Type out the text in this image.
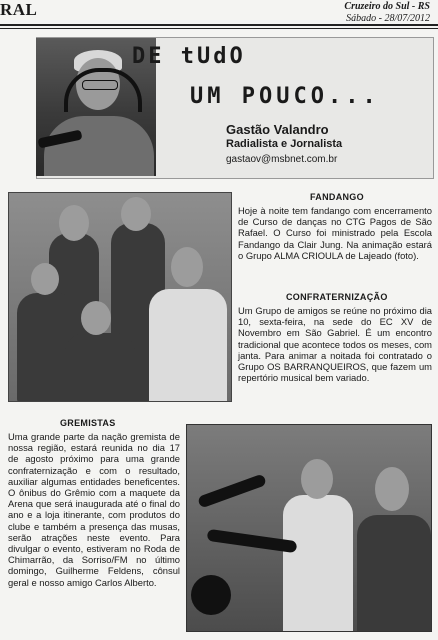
RAL	Cruzeiro do Sul - RS
Sábado - 28/07/2012
DE tUdO
UM POUCO...
Gastão Valandro
Radialista e Jornalista
gastaov@msbnet.com.br
FANDANGO
Hoje à noite tem fandango com encerramento de Curso de danças no CTG Pagos de São Rafael. O Curso foi ministrado pela Escola Fandango da Clair Jung. Na animação estará o Grupo ALMA CRIOULA de Lajeado (foto).
CONFRATERNIZAÇÃO
Um Grupo de amigos se reúne no próximo dia 10, sexta-feira, na sede do EC XV de Novembro em São Gabriel. É um encontro tradicional que acontece todos os meses, com janta. Para animar a noitada foi contratado o Grupo OS BARRANQUEIROS, que fazem um repertório musical bem variado.
GREMISTAS
Uma grande parte da nação gremista de nossa região, estará reunida no dia 17 de agosto próximo para uma grande confraternização e com o resultado, auxiliar algumas entidades beneficentes. O ônibus do Grêmio com a maquete da Arena que será inaugurada até o final do ano e a loja itinerante, com produtos do clube e também a presença das musas, serão atrações neste evento. Para divulgar o evento, estiveram no Roda de Chimarrão, da Sorriso/FM no último domingo, Guilherme Feldens, cônsul geral e nosso amigo Carlos Alberto.
